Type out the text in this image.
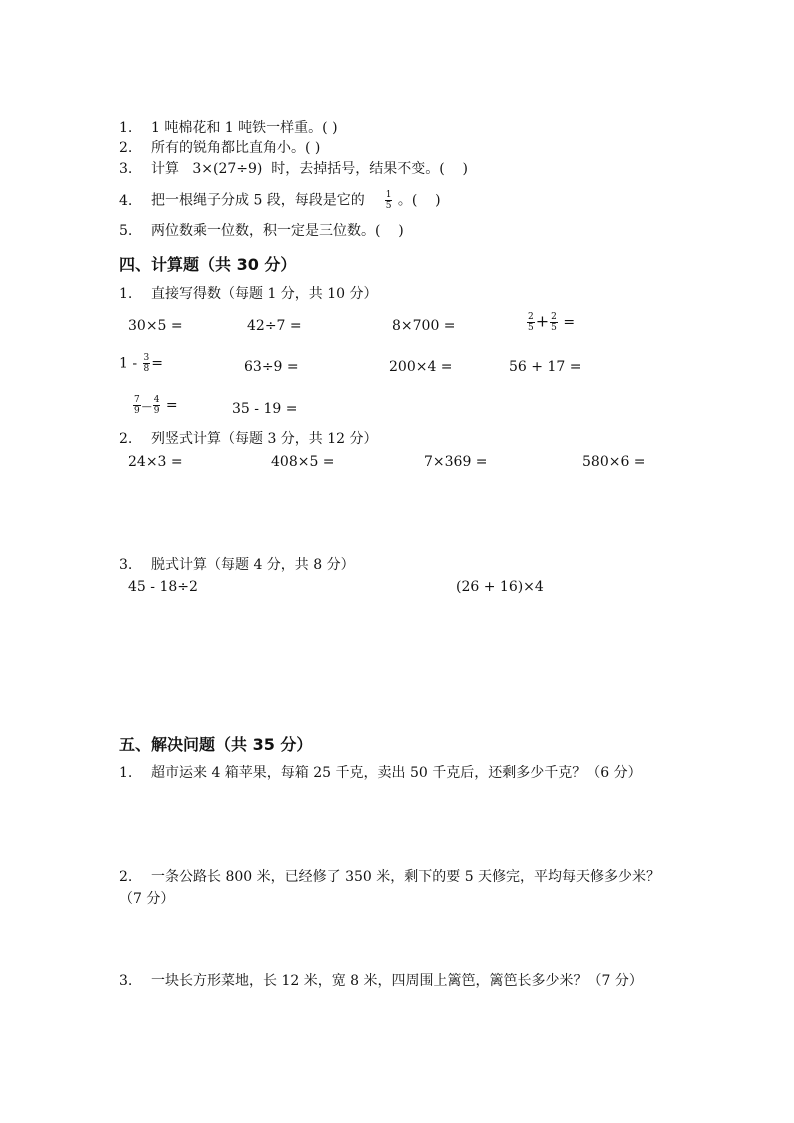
1. 1 吨棉花和 1 吨铁一样重。( )
2. 所有的锐角都比直角小。( )
3. 计算   3×(27÷9)  时，去掉括号，结果不变。(    )
4. 把一根绳子分成 5 段，每段是它的 $\frac{1}{5}$ 。(    )
5. 两位数乘一位数，积一定是三位数。(    )
四、计算题（共 30 分）
1. 直接写得数（每题 1 分，共 10 分）
30×5 =	42÷7 =	8×700 =	$\frac{2}{5} + \frac{2}{5}$ =
$1 - \frac{3}{8}$ =	63÷9 =	200×4 =	56 + 17 =
$\frac{7}{9}$ — $\frac{4}{9}$ =	35 - 19 =
2. 列竖式计算（每题 3 分，共 12 分）
24×3 =	408×5 =	7×369 =	580×6 =
3. 脱式计算（每题 4 分，共 8 分）
45 - 18÷2	(26 + 16)×4
五、解决问题（共 35 分）
1. 超市运来 4 箱苹果，每箱 25 千克，卖出 50 千克后，还剩多少千克？（6 分）
2. 一条公路长 800 米，已经修了 350 米，剩下的要 5 天修完，平均每天修多少米？（7 分）
3. 一块长方形菜地，长 12 米，宽 8 米，四周围上篱笆，篱笆长多少米？（7 分）
